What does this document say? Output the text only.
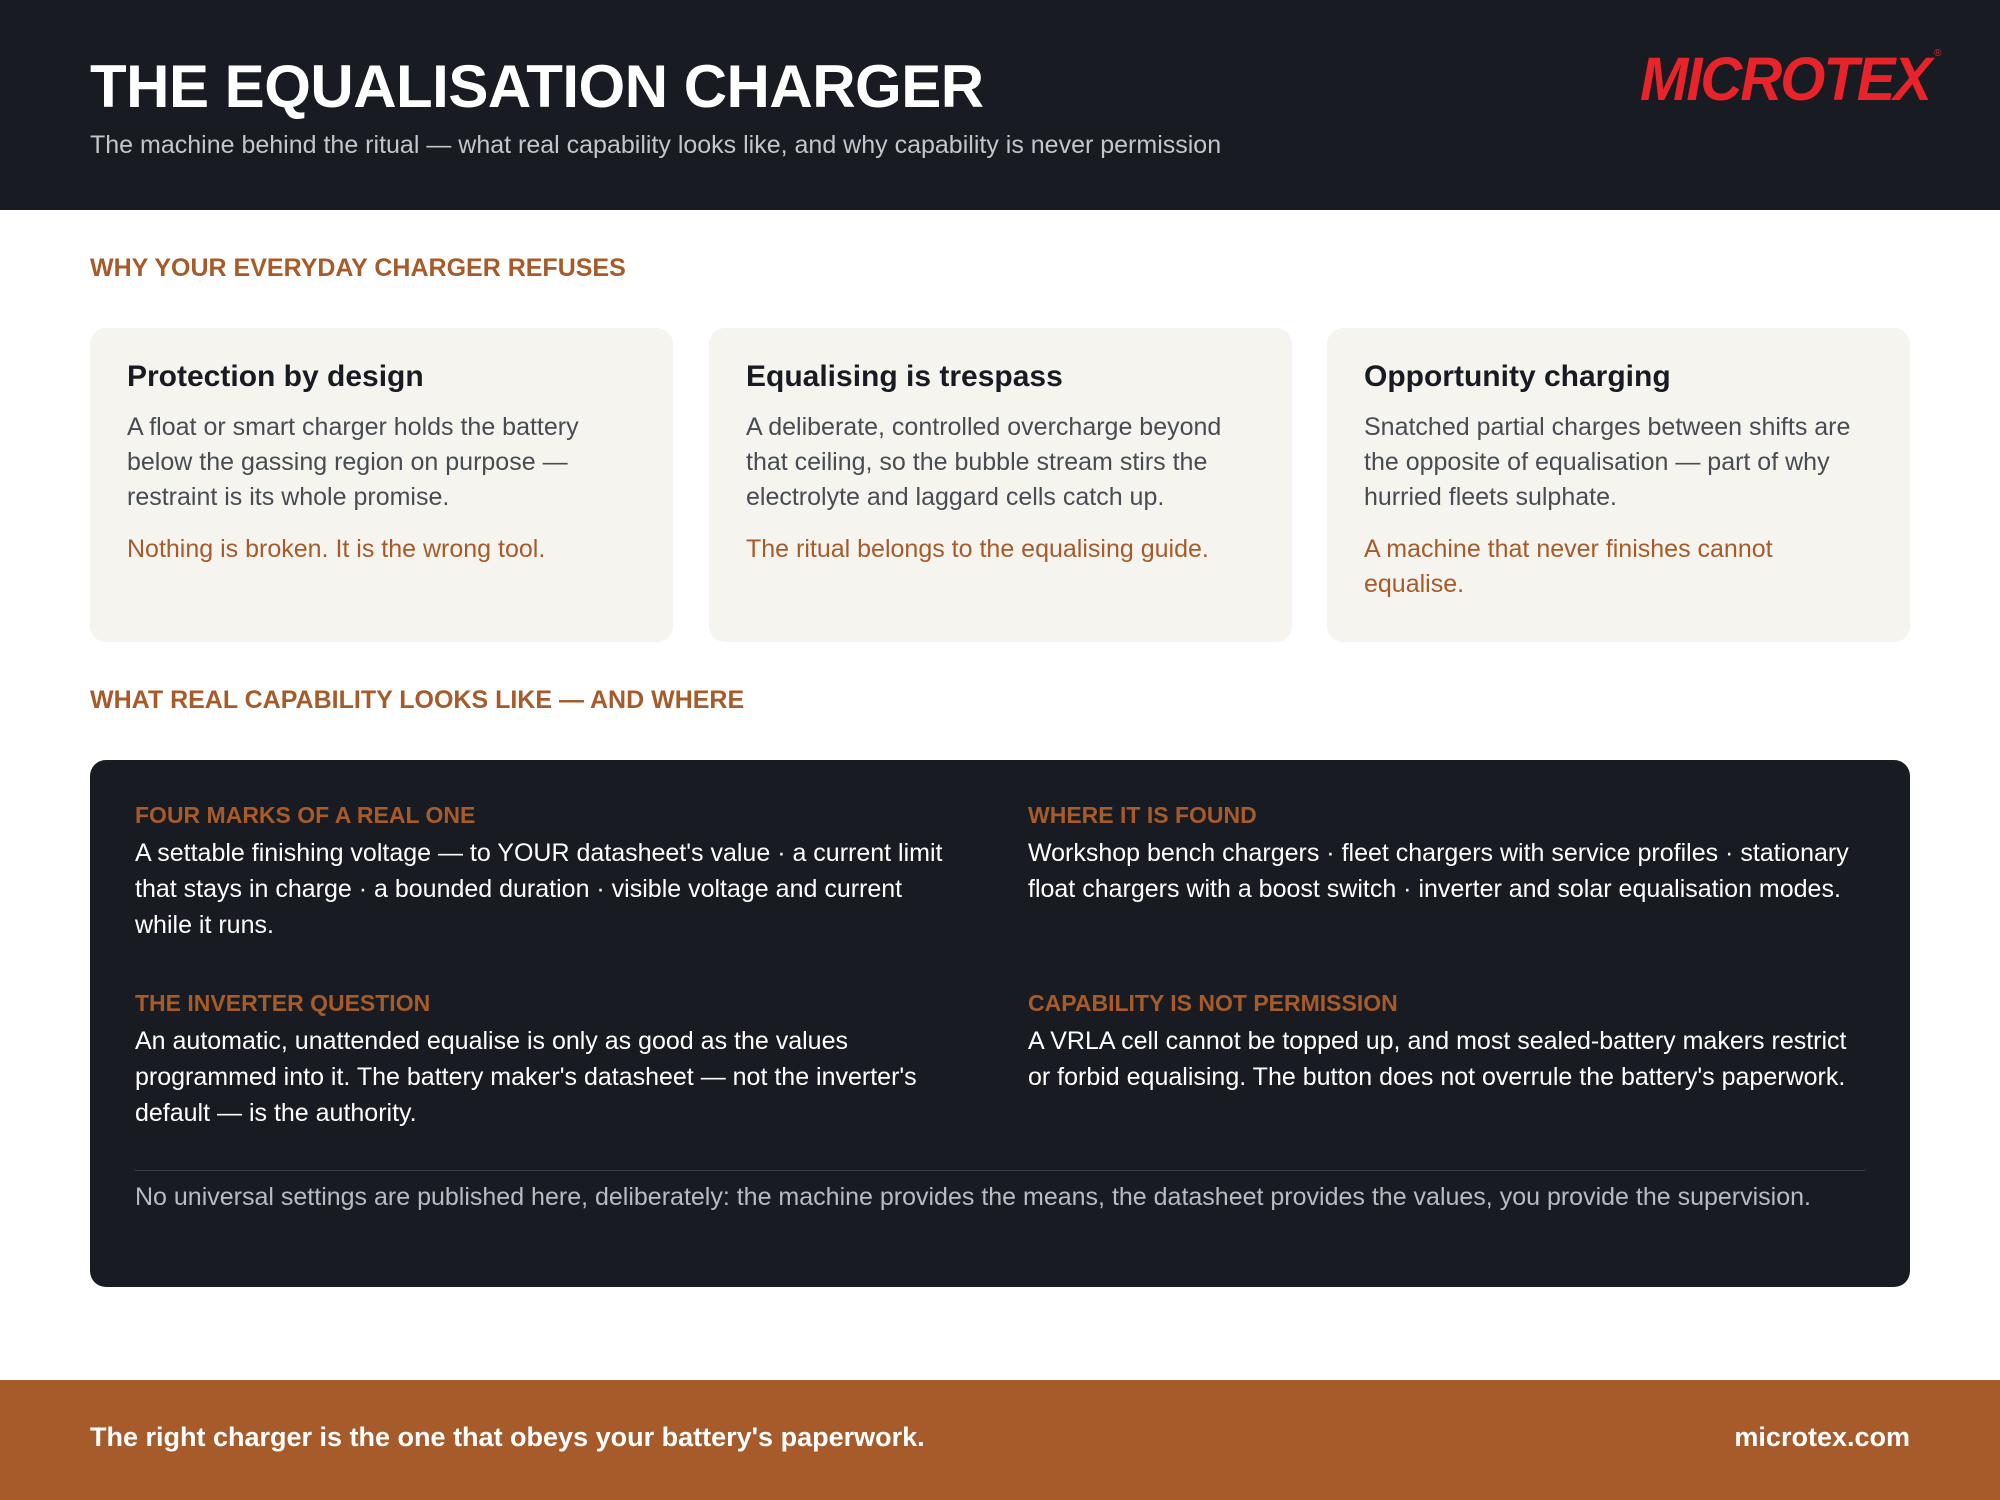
THE EQUALISATION CHARGER
The machine behind the ritual — what real capability looks like, and why capability is never permission
MICROTEX ®
WHY YOUR EVERYDAY CHARGER REFUSES
Protection by design
A float or smart charger holds the battery below the gassing region on purpose — restraint is its whole promise.
Nothing is broken. It is the wrong tool.
Equalising is trespass
A deliberate, controlled overcharge beyond that ceiling, so the bubble stream stirs the electrolyte and laggard cells catch up.
The ritual belongs to the equalising guide.
Opportunity charging
Snatched partial charges between shifts are the opposite of equalisation — part of why hurried fleets sulphate.
A machine that never finishes cannot equalise.
WHAT REAL CAPABILITY LOOKS LIKE — AND WHERE
FOUR MARKS OF A REAL ONE
A settable finishing voltage — to YOUR datasheet's value · a current limit that stays in charge · a bounded duration · visible voltage and current while it runs.
WHERE IT IS FOUND
Workshop bench chargers · fleet chargers with service profiles · stationary float chargers with a boost switch · inverter and solar equalisation modes.
THE INVERTER QUESTION
An automatic, unattended equalise is only as good as the values programmed into it. The battery maker's datasheet — not the inverter's default — is the authority.
CAPABILITY IS NOT PERMISSION
A VRLA cell cannot be topped up, and most sealed-battery makers restrict or forbid equalising. The button does not overrule the battery's paperwork.
No universal settings are published here, deliberately: the machine provides the means, the datasheet provides the values, you provide the supervision.
The right charger is the one that obeys your battery's paperwork.	microtex.com
